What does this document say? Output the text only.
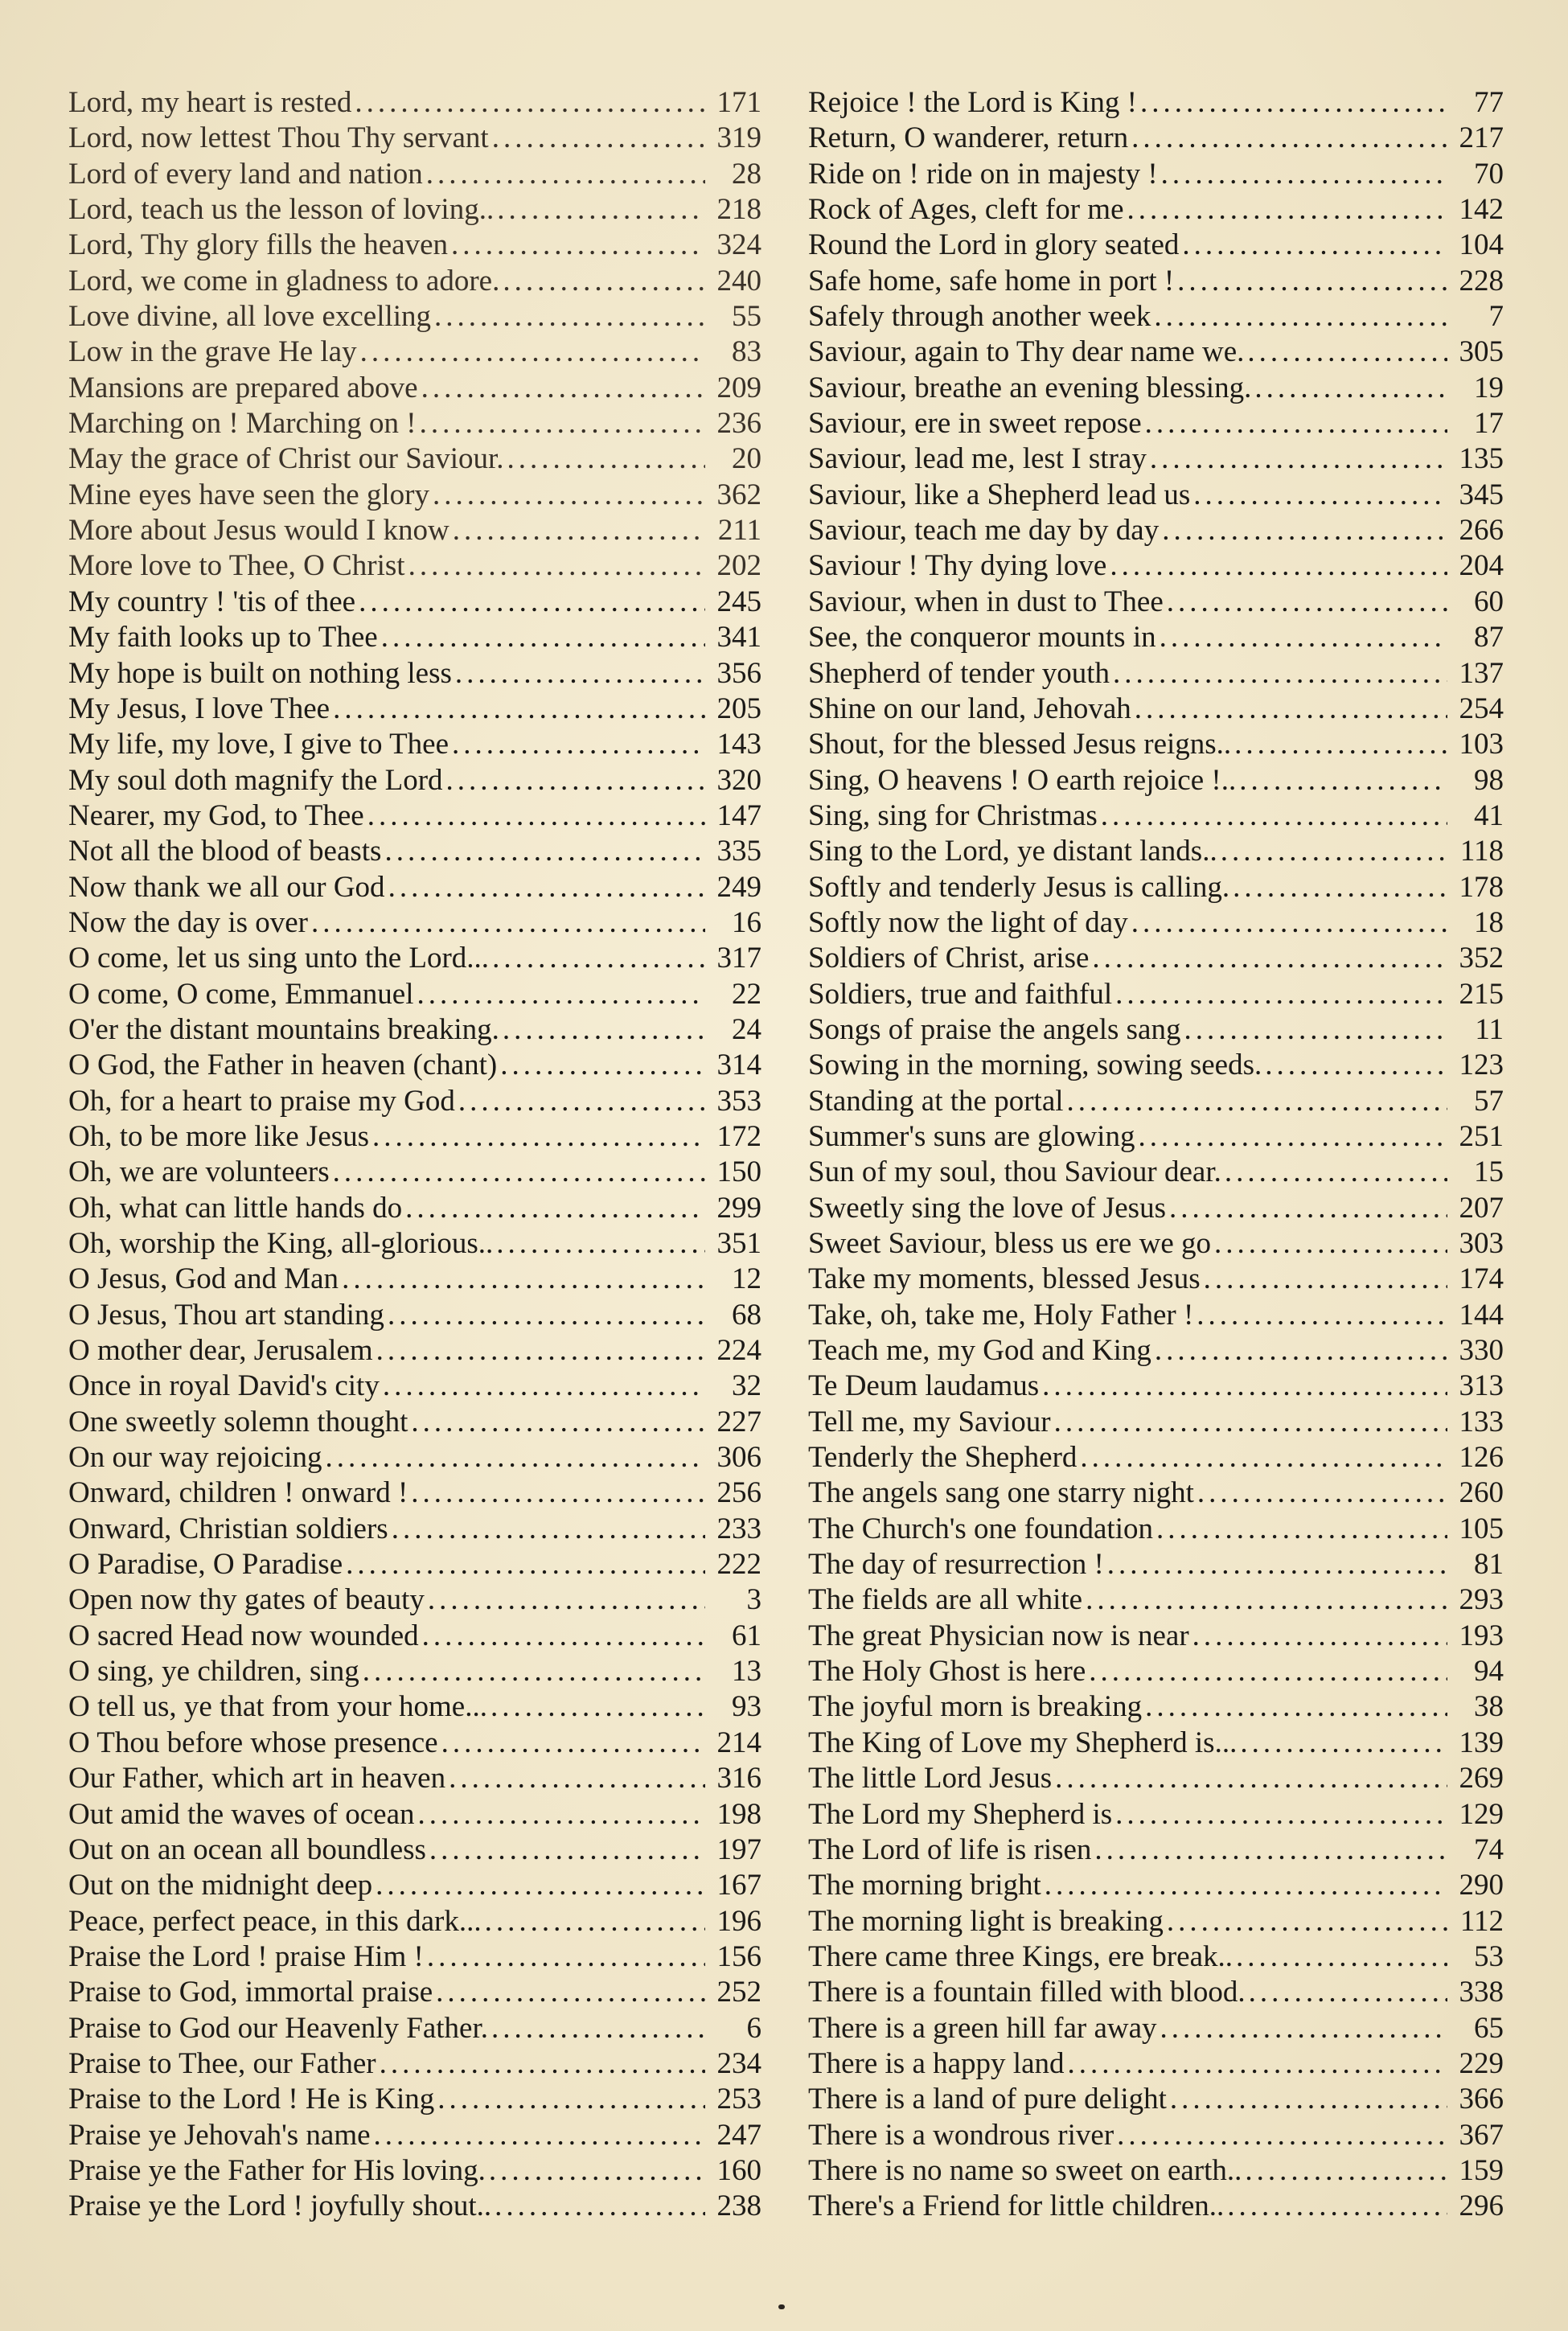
Lord, my heart is rested .....	171
Lord, now lettest Thou Thy servant .....	319
Lord of every land and nation .....	28
Lord, teach us the lesson of loving.. .....	218
Lord, Thy glory fills the heaven .....	324
Lord, we come in gladness to adore. .....	240
Love divine, all love excelling .....	55
Low in the grave He lay .....	83
Mansions are prepared above .....	209
Marching on ! Marching on ! .....	236
May the grace of Christ our Saviour. .....	20
Mine eyes have seen the glory .....	362
More about Jesus would I know .....	211
More love to Thee, O Christ .....	202
My country ! 'tis of thee .....	245
My faith looks up to Thee .....	341
My hope is built on nothing less .....	356
My Jesus, I love Thee .....	205
My life, my love, I give to Thee .....	143
My soul doth magnify the Lord .....	320
Nearer, my God, to Thee .....	147
Not all the blood of beasts .....	335
Now thank we all our God .....	249
Now the day is over .....	16
O come, let us sing unto the Lord... .....	317
O come, O come, Emmanuel .....	22
O'er the distant mountains breaking. .....	24
O God, the Father in heaven (chant) .....	314
Oh, for a heart to praise my God .....	353
Oh, to be more like Jesus .....	172
Oh, we are volunteers .....	150
Oh, what can little hands do .....	299
Oh, worship the King, all-glorious.. .....	351
O Jesus, God and Man .....	12
O Jesus, Thou art standing .....	68
O mother dear, Jerusalem .....	224
Once in royal David's city .....	32
One sweetly solemn thought .....	227
On our way rejoicing .....	306
Onward, children ! onward ! .....	256
Onward, Christian soldiers .....	233
O Paradise, O Paradise .....	222
Open now thy gates of beauty .....	3
O sacred Head now wounded .....	61
O sing, ye children, sing .....	13
O tell us, ye that from your home... .....	93
O Thou before whose presence .....	214
Our Father, which art in heaven .....	316
Out amid the waves of ocean .....	198
Out on an ocean all boundless .....	197
Out on the midnight deep .....	167
Peace, perfect peace, in this dark... .....	196
Praise the Lord ! praise Him ! .....	156
Praise to God, immortal praise .....	252
Praise to God our Heavenly Father. .....	6
Praise to Thee, our Father .....	234
Praise to the Lord ! He is King .....	253
Praise ye Jehovah's name .....	247
Praise ye the Father for His loving. .....	160
Praise ye the Lord ! joyfully shout.. .....	238
Rejoice ! the Lord is King ! .....	77
Return, O wanderer, return .....	217
Ride on ! ride on in majesty ! .....	70
Rock of Ages, cleft for me .....	142
Round the Lord in glory seated .....	104
Safe home, safe home in port ! .....	228
Safely through another week .....	7
Saviour, again to Thy dear name we. .....	305
Saviour, breathe an evening blessing. .....	19
Saviour, ere in sweet repose .....	17
Saviour, lead me, lest I stray .....	135
Saviour, like a Shepherd lead us .....	345
Saviour, teach me day by day .....	266
Saviour ! Thy dying love .....	204
Saviour, when in dust to Thee .....	60
See, the conqueror mounts in .....	87
Shepherd of tender youth .....	137
Shine on our land, Jehovah .....	254
Shout, for the blessed Jesus reigns.. .....	103
Sing, O heavens ! O earth rejoice !.. .....	98
Sing, sing for Christmas .....	41
Sing to the Lord, ye distant lands.. .....	118
Softly and tenderly Jesus is calling. .....	178
Softly now the light of day .....	18
Soldiers of Christ, arise .....	352
Soldiers, true and faithful .....	215
Songs of praise the angels sang .....	11
Sowing in the morning, sowing seeds. .....	123
Standing at the portal .....	57
Summer's suns are glowing .....	251
Sun of my soul, thou Saviour dear. .....	15
Sweetly sing the love of Jesus .....	207
Sweet Saviour, bless us ere we go .....	303
Take my moments, blessed Jesus .....	174
Take, oh, take me, Holy Father ! .....	144
Teach me, my God and King .....	330
Te Deum laudamus .....	313
Tell me, my Saviour .....	133
Tenderly the Shepherd .....	126
The angels sang one starry night .....	260
The Church's one foundation .....	105
The day of resurrection ! .....	81
The fields are all white .....	293
The great Physician now is near .....	193
The Holy Ghost is here .....	94
The joyful morn is breaking .....	38
The King of Love my Shepherd is... .....	139
The little Lord Jesus .....	269
The Lord my Shepherd is .....	129
The Lord of life is risen .....	74
The morning bright .....	290
The morning light is breaking .....	112
There came three Kings, ere break.. .....	53
There is a fountain filled with blood. .....	338
There is a green hill far away .....	65
There is a happy land .....	229
There is a land of pure delight .....	366
There is a wondrous river .....	367
There is no name so sweet on earth.. .....	159
There's a Friend for little children.. .....	296
